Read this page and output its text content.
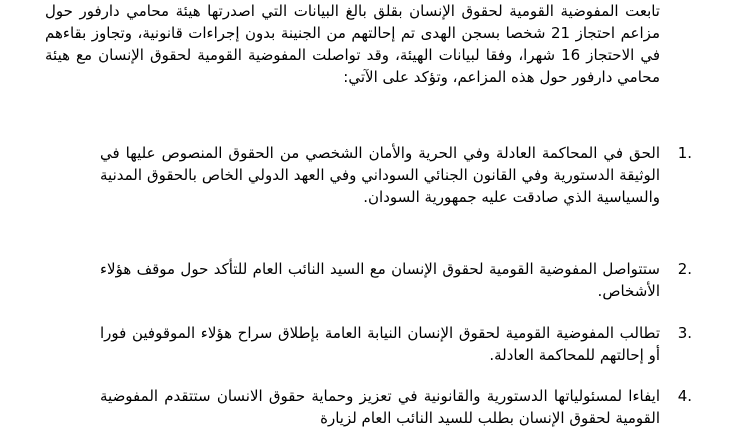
تابعت المفوضية القومية لحقوق الإنسان بقلق بالغ البيانات التي اصدرتها هيئة محامي دارفور حول مزاعم احتجاز 21 شخصا بسجن الهدى تم إحالتهم من الجنينة بدون إجراءات قانونية، وتجاوز بقاءهم في الاحتجاز 16 شهرا، وفقا لبيانات الهيئة، وقد تواصلت المفوضية القومية لحقوق الإنسان مع هيئة محامي دارفور حول هذه المزاعم، وتؤكد على الآتي:

1.
الحق في المحاكمة العادلة وفي الحرية والأمان الشخصي من الحقوق المنصوص عليها في الوثيقة الدستورية وفي القانون الجنائي السوداني وفي العهد الدولي الخاص بالحقوق المدنية والسياسية الذي صادقت عليه جمهورية السودان.
2.
ستتواصل المفوضية القومية لحقوق الإنسان مع السيد النائب العام للتأكد حول موقف هؤلاء الأشخاص.
3.
تطالب المفوضية القومية لحقوق الإنسان النيابة العامة بإطلاق سراح هؤلاء الموقوفين فورا أو إحالتهم للمحاكمة العادلة.
4.
ايفاءا لمسئولياتها الدستورية والقانونية في تعزيز وحماية حقوق الانسان ستتقدم المفوضية القومية لحقوق الإنسان بطلب للسيد النائب العام لزيارة
